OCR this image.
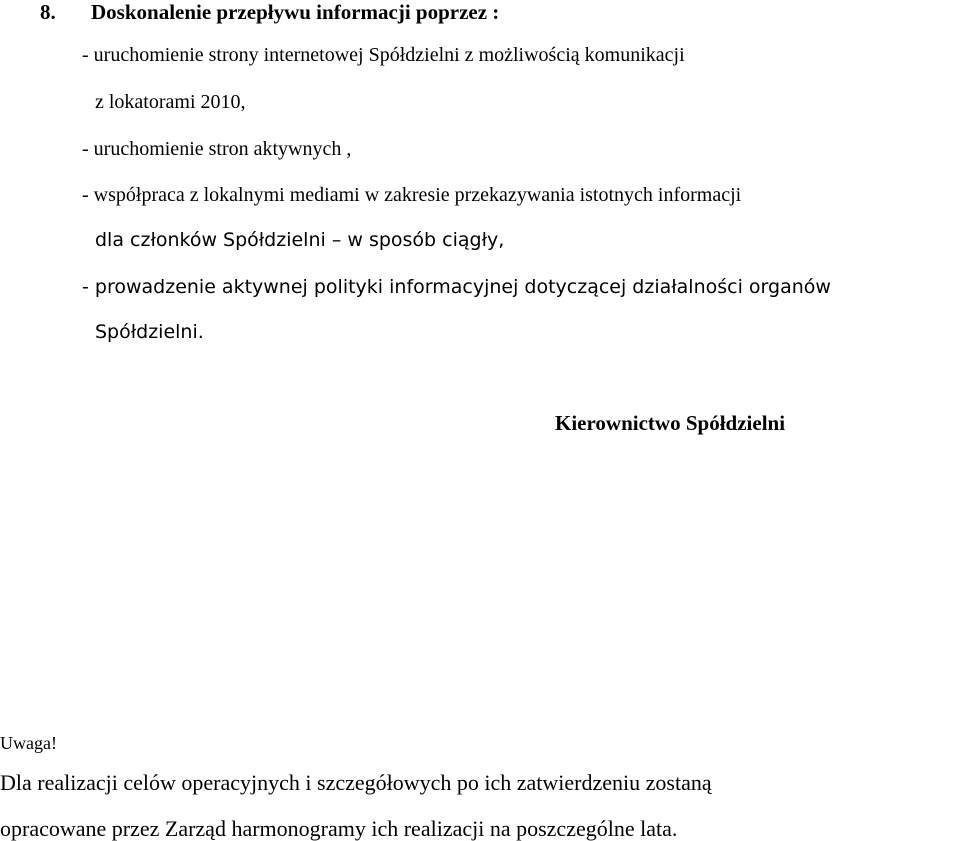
8. Doskonalenie przepływu informacji poprzez :
- uruchomienie strony internetowej Spółdzielni z możliwością komunikacji
z lokatorami 2010,
- uruchomienie stron aktywnych ,
- współpraca z lokalnymi mediami w zakresie przekazywania istotnych informacji
dla członków Spółdzielni – w sposób ciągły,
- prowadzenie aktywnej polityki informacyjnej dotyczącej działalności organów
Spółdzielni.
Kierownictwo Spółdzielni
Uwaga!
Dla realizacji celów operacyjnych i szczegółowych po ich zatwierdzeniu zostaną
opracowane przez Zarząd harmonogramy ich realizacji na poszczególne lata.
